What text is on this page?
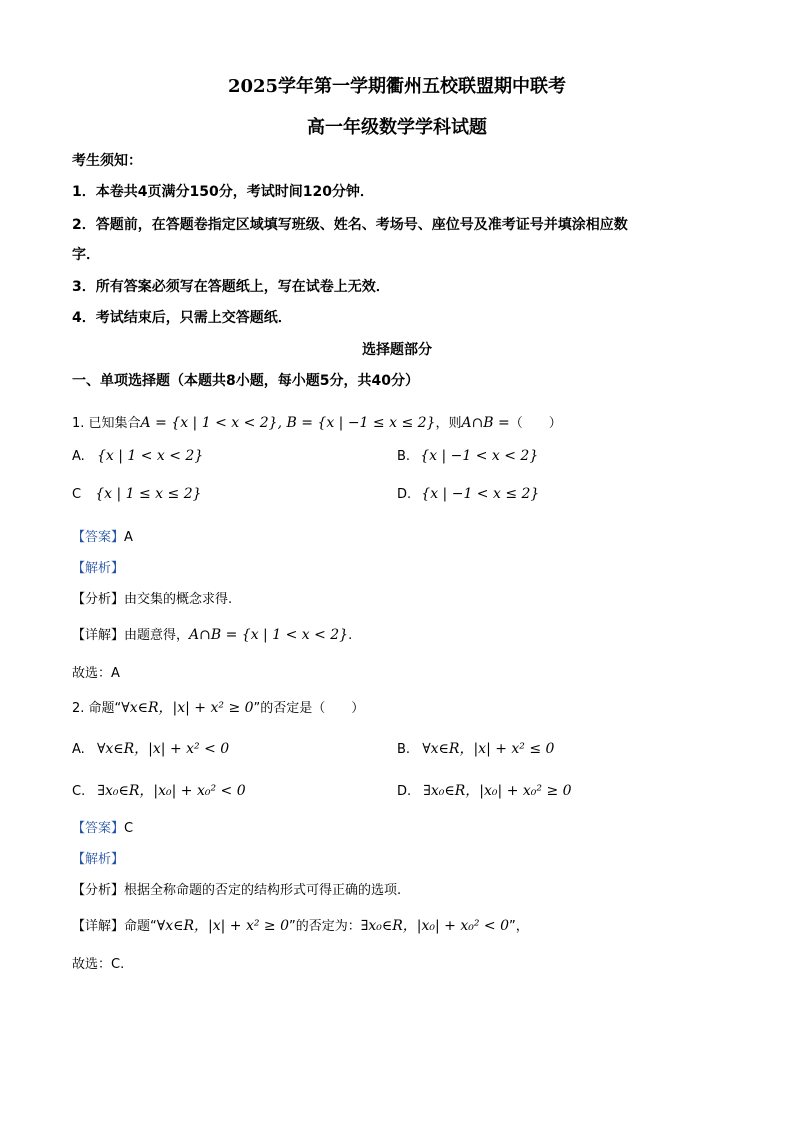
2025学年第一学期衢州五校联盟期中联考
高一年级数学学科试题
考生须知：
1．本卷共4页满分150分，考试时间120分钟．
2．答题前，在答题卷指定区域填写班级、姓名、考场号、座位号及准考证号并填涂相应数
字．
3．所有答案必须写在答题纸上，写在试卷上无效．
4．考试结束后，只需上交答题纸．
选择题部分
一、单项选择题（本题共8小题，每小题5分，共40分）
1. 已知集合A = {x | 1 < x < 2}, B = {x | −1 ≤ x ≤ 2}，则A∩B =（　　）
A. {x | 1 < x < 2}	B. {x | −1 < x < 2}
C {x | 1 ≤ x ≤ 2}	D. {x | −1 < x ≤ 2}
【答案】A
【解析】
【分析】由交集的概念求得.
【详解】由题意得，A∩B = {x | 1 < x < 2}.
故选：A
2. 命题“∀x∈R，|x| + x² ≥ 0”的否定是（　　）
A. ∀x∈R，|x| + x² < 0	B. ∀x∈R，|x| + x² ≤ 0
C. ∃x₀∈R，|x₀| + x₀² < 0	D. ∃x₀∈R，|x₀| + x₀² ≥ 0
【答案】C
【解析】
【分析】根据全称命题的否定的结构形式可得正确的选项.
【详解】命题“∀x∈R，|x| + x² ≥ 0”的否定为：∃x₀∈R，|x₀| + x₀² < 0”，
故选：C.
